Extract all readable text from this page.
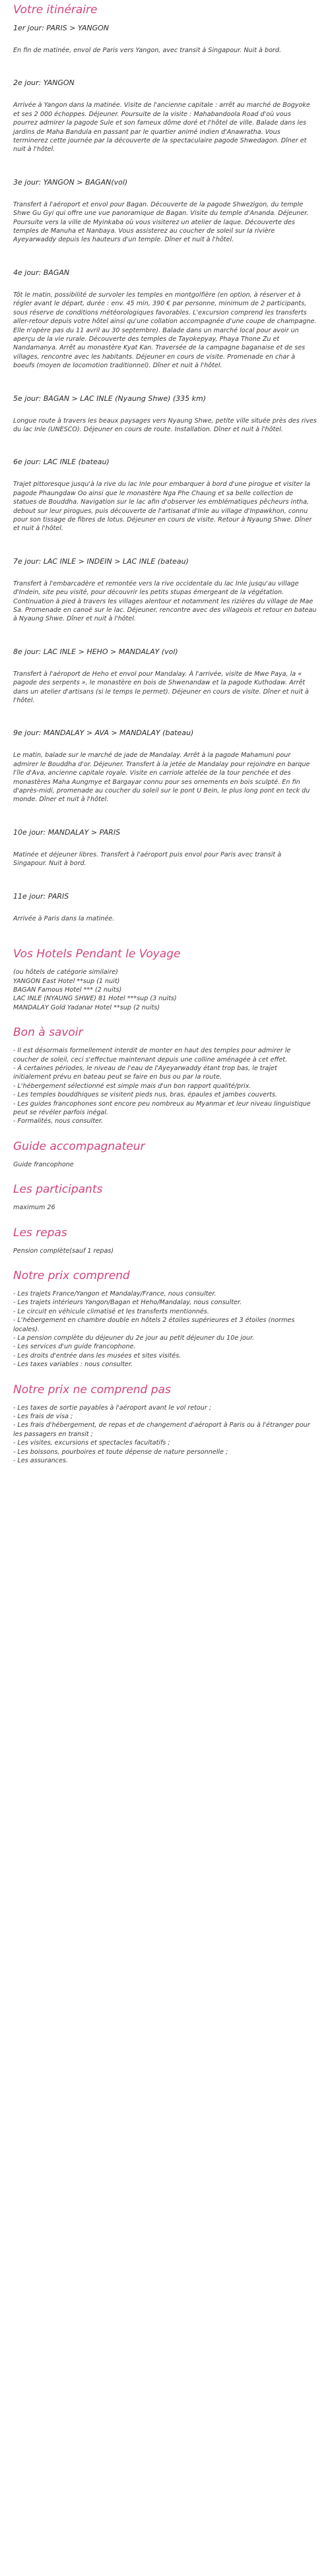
Votre itinéraire
1er jour: PARIS > YANGON

En fin de matinée, envol de Paris vers Yangon, avec transit à Singapour. Nuit à bord.

2e jour: YANGON

Arrivée à Yangon dans la matinée. Visite de l'ancienne capitale : arrêt au marché de Bogyoke et ses 2 000 échoppes. Déjeuner. Poursuite de la visite : Mahabandoola Road d'où vous pourrez admirer la pagode Sule et son fameux dôme doré et l'hôtel de ville. Balade dans les jardins de Maha Bandula en passant par le quartier animé indien d'Anawratha. Vous terminerez cette journée par la découverte de la spectaculaire pagode Shwedagon. Dîner et nuit à l'hôtel.

3e jour: YANGON > BAGAN(vol)

Transfert à l'aéroport et envol pour Bagan. Découverte de la pagode Shwezigon, du temple Shwe Gu Gyi qui offre une vue panoramique de Bagan. Visite du temple d'Ananda. Déjeuner. Poursuite vers la ville de Myinkaba où vous visiterez un atelier de laque. Découverte des temples de Manuha et Nanbaya. Vous assisterez au coucher de soleil sur la rivière Ayeyarwaddy depuis les hauteurs d'un temple. Dîner et nuit à l'hôtel.

4e jour: BAGAN

Tôt le matin, possibilité de survoler les temples en montgolfière (en option, à réserver et à régler avant le départ, durée : env. 45 min, 390 € par personne, minimum de 2 participants, sous réserve de conditions météorologiques favorables. L'excursion comprend les transferts aller-retour depuis votre hôtel ainsi qu'une collation accompagnée d'une coupe de champagne. Elle n'opère pas du 11 avril au 30 septembre). Balade dans un marché local pour avoir un aperçu de la vie rurale. Découverte des temples de Tayokepyay, Phaya Thone Zu et Nandamanya. Arrêt au monastère Kyat Kan. Traversée de la campagne baganaise et de ses villages, rencontre avec les habitants. Déjeuner en cours de visite. Promenade en char à boeufs (moyen de locomotion traditionnel). Dîner et nuit à l'hôtel.

5e jour: BAGAN > LAC INLE (Nyaung Shwe) (335 km)

Longue route à travers les beaux paysages vers Nyaung Shwe, petite ville située près des rives du lac Inle (UNESCO). Déjeuner en cours de route. Installation. Dîner et nuit à l'hôtel.

6e jour: LAC INLE (bateau)

Trajet pittoresque jusqu'à la rive du lac Inle pour embarquer à bord d'une pirogue et visiter la pagode Phaungdaw Oo ainsi que le monastère Nga Phe Chaung et sa belle collection de statues de Bouddha. Navigation sur le lac afin d'observer les emblématiques pêcheurs intha, debout sur leur pirogues, puis découverte de l'artisanat d'Inle au village d'Inpawkhon, connu pour son tissage de fibres de lotus. Déjeuner en cours de visite. Retour à Nyaung Shwe. Dîner et nuit à l'hôtel.

7e jour: LAC INLE > INDEIN > LAC INLE (bateau)

Transfert à l'embarcadère et remontée vers la rive occidentale du lac Inle jusqu'au village d'Indein, site peu visité, pour découvrir les petits stupas émergeant de la végétation. Continuation à pied à travers les villages alentour et notamment les rizières du village de Mae Sa. Promenade en canoë sur le lac. Déjeuner, rencontre avec des villageois et retour en bateau à Nyaung Shwe. Dîner et nuit à l'hôtel.

8e jour: LAC INLE > HEHO > MANDALAY (vol)

Transfert à l'aéroport de Heho et envol pour Mandalay. À l'arrivée, visite de Mwe Paya, la « pagode des serpents », le monastère en bois de Shwenandaw et la pagode Kuthodaw. Arrêt dans un atelier d'artisans (si le temps le permet). Déjeuner en cours de visite. Dîner et nuit à l'hôtel.

9e jour: MANDALAY > AVA > MANDALAY (bateau)

Le matin, balade sur le marché de jade de Mandalay. Arrêt à la pagode Mahamuni pour admirer le Bouddha d'or. Déjeuner. Transfert à la jetée de Mandalay pour rejoindre en barque l'île d'Ava, ancienne capitale royale. Visite en carriole attelée de la tour penchée et des monastères Maha Aungmye et Bargayar connu pour ses ornements en bois sculpté. En fin d'après-midi, promenade au coucher du soleil sur le pont U Bein, le plus long pont en teck du monde. Dîner et nuit à l'hôtel.

10e jour: MANDALAY > PARIS

Matinée et déjeuner libres. Transfert à l'aéroport puis envol pour Paris avec transit à Singapour. Nuit à bord.

11e jour: PARIS

Arrivée à Paris dans la matinée.

Vos Hotels Pendant le Voyage

(ou hôtels de catégorie similaire)

YANGON East Hotel **sup (1 nuit)

BAGAN Famous Hotel *** (2 nuits)

LAC INLE (NYAUNG SHWE) 81 Hotel ***sup (3 nuits)

MANDALAY Gold Yadanar Hotel **sup (2 nuits)

Bon à savoir

- Il est désormais formellement interdit de monter en haut des temples pour admirer le coucher de soleil, ceci s'effectue maintenant depuis une colline aménagée à cet effet.

- À certaines périodes, le niveau de l'eau de l'Ayeyarwaddy étant trop bas, le trajet initialement prévu en bateau peut se faire en bus ou par la route.

- L'hébergement sélectionné est simple mais d'un bon rapport qualité/prix.

- Les temples bouddhiques se visitent pieds nus, bras, épaules et jambes couverts.

- Les guides francophones sont encore peu nombreux au Myanmar et leur niveau linguistique peut se révéler parfois inégal.

- Formalités, nous consulter.

Guide accompagnateur

Guide francophone

Les participants

maximum 26

Les repas

Pension complète(sauf 1 repas)

Notre prix comprend

- Les trajets France/Yangon et Mandalay/France, nous consulter.

- Les trajets intérieurs Yangon/Bagan et Heho/Mandalay, nous consulter.

- Le circuit en véhicule climatisé et les transferts mentionnés.

- L'hébergement en chambre double en hôtels 2 étoiles supérieures et 3 étoiles (normes locales).

- La pension complète du déjeuner du 2e jour au petit déjeuner du 10e jour.

- Les services d'un guide francophone.

- Les droits d'entrée dans les musées et sites visités.

- Les taxes variables : nous consulter.

Notre prix ne comprend pas

- Les taxes de sortie payables à l'aéroport avant le vol retour ;

- Les frais de visa ;

- Les frais d'hébergement, de repas et de changement d'aéroport à Paris ou à l'étranger pour les passagers en transit ;

- Les visites, excursions et spectacles facultatifs ;

- Les boissons, pourboires et toute dépense de nature personnelle ;

- Les assurances.
